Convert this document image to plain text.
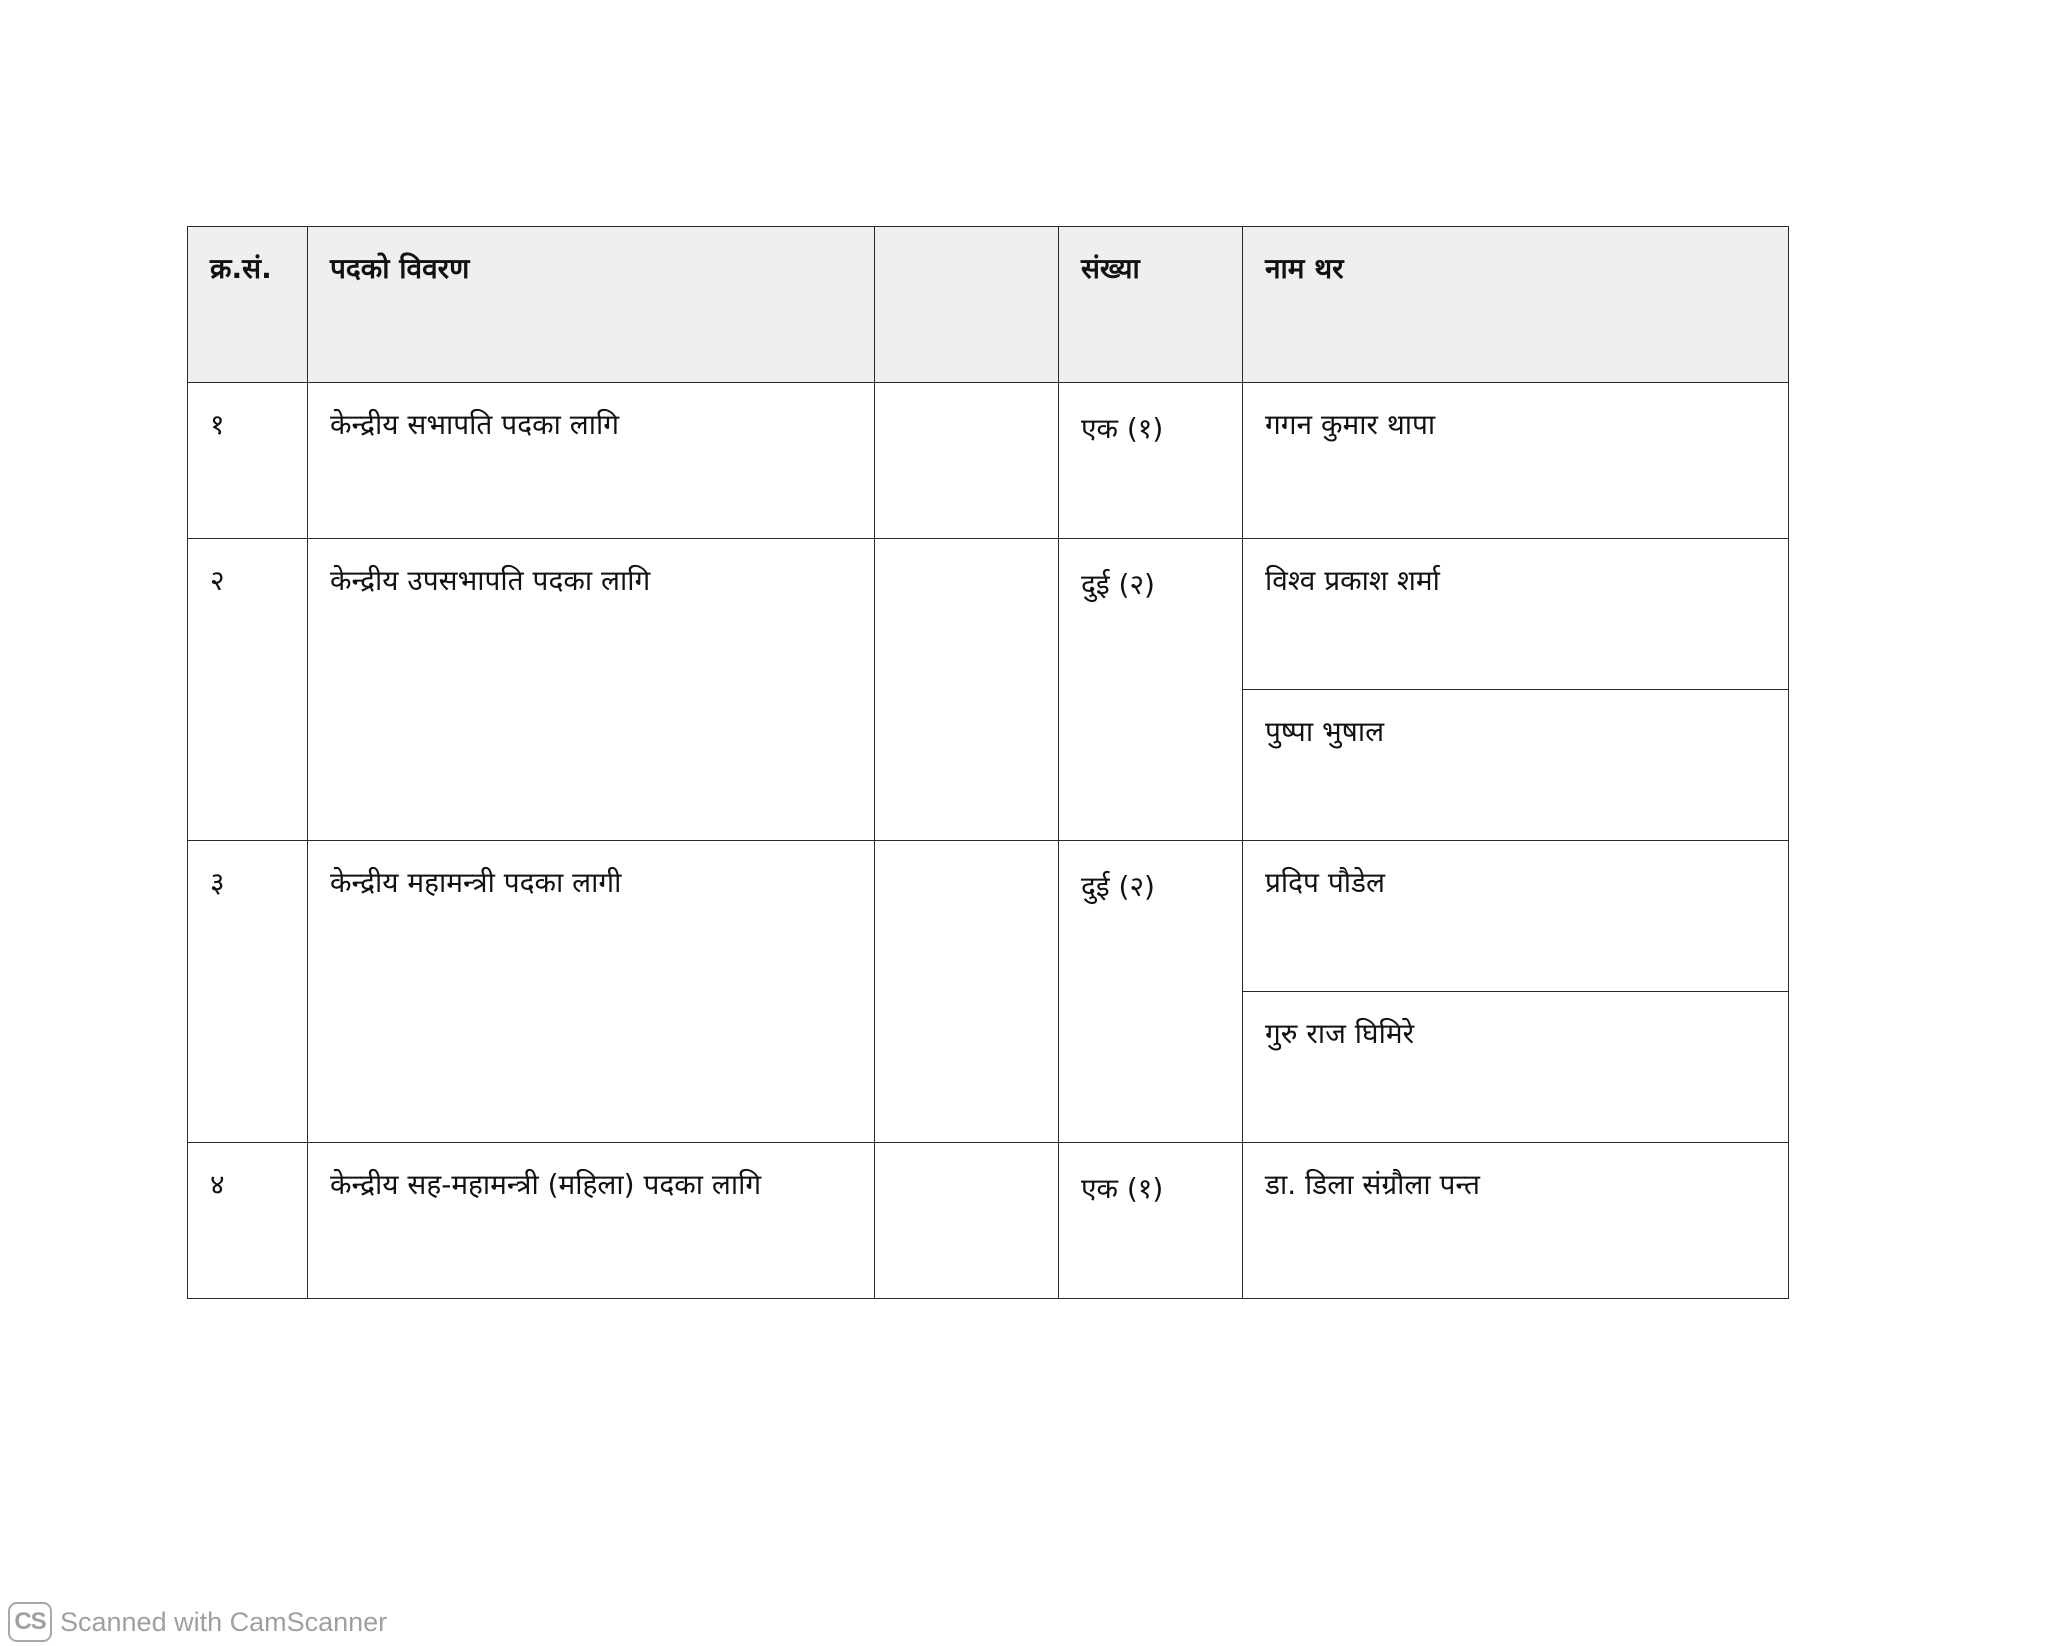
क्र.सं.	पदको विवरण		संख्या	नाम थर
१	केन्द्रीय सभापति पदका लागि		एक (१)	गगन कुमार थापा
२	केन्द्रीय उपसभापति पदका लागि		दुई (२)	विश्व प्रकाश शर्मा
				पुष्पा भुषाल
३	केन्द्रीय महामन्त्री पदका लागी		दुई (२)	प्रदिप पौडेल
				गुरु राज घिमिरे
४	केन्द्रीय सह-महामन्त्री (महिला) पदका लागि		एक (१)	डा. डिला संग्रौला पन्त
CS Scanned with CamScanner
